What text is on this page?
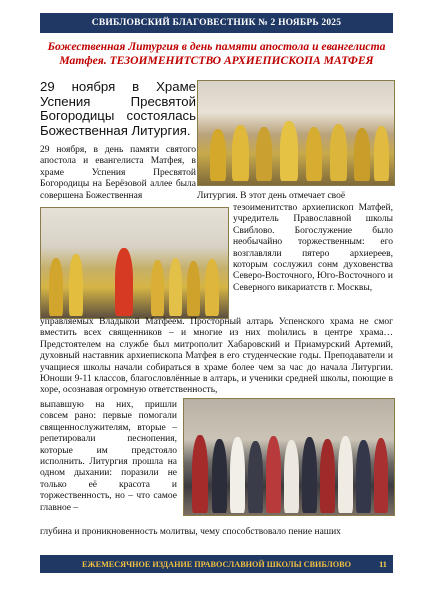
СВИБЛОВСКИЙ БЛАГОВЕСТНИК № 2 НОЯБРЬ 2025
Божественная Литургия в день памяти апостола и евангелиста
Матфея. ТЕЗОИМЕНИТСТВО АРХИЕПИСКОПА МАТФЕЯ
29 ноября в Храме Успения Пресвятой Богородицы состоялась Божественная Литургия.
29 ноября, в день памяти святого апостола и евангелиста Матфея, в храме Успения Пресвятой Богородицы на Берёзовой аллее была совершена Божественная	Литургия. В этот день отмечает своё
тезоименитство архиепископ Матфей, учредитель Православной школы Свиблово. Богослужение было необычайно торжественным: его возглавляли пятеро архиереев, которым сослужил сонм духовенства Северо-Восточного, Юго-Восточного и Северного викариатств г. Москвы,
управляемых Владыкой Матфеем. Просторный алтарь Успенского храма не смог вместить всех священников – и многие из них molились в центре храма… Предстоятелем на службе был митрополит Хабаровский и Приамурский Артемий, духовный наставник архиепископа Матфея в его студенческие годы. Преподаватели и учащиеся школы начали собираться в храме более чем за час до начала Литургии. Юноши 9-11 классов, благословлённые в алтарь, и ученики средней школы, поющие в хоре, осознавая огромную ответственность,
выпавшую на них, пришли совсем рано: первые помогали священнослужителям, вторые – репетировали песнопения, которые им предстояло исполнить. Литургия прошла на одном дыхании: поразили не только её красота и торжественность, но – что самое главное –
глубина и проникновенность молитвы, чему способствовало пение наших
ЕЖЕМЕСЯЧНОЕ ИЗДАНИЕ ПРАВОСЛАВНОЙ ШКОЛЫ СВИБЛОВО	11
